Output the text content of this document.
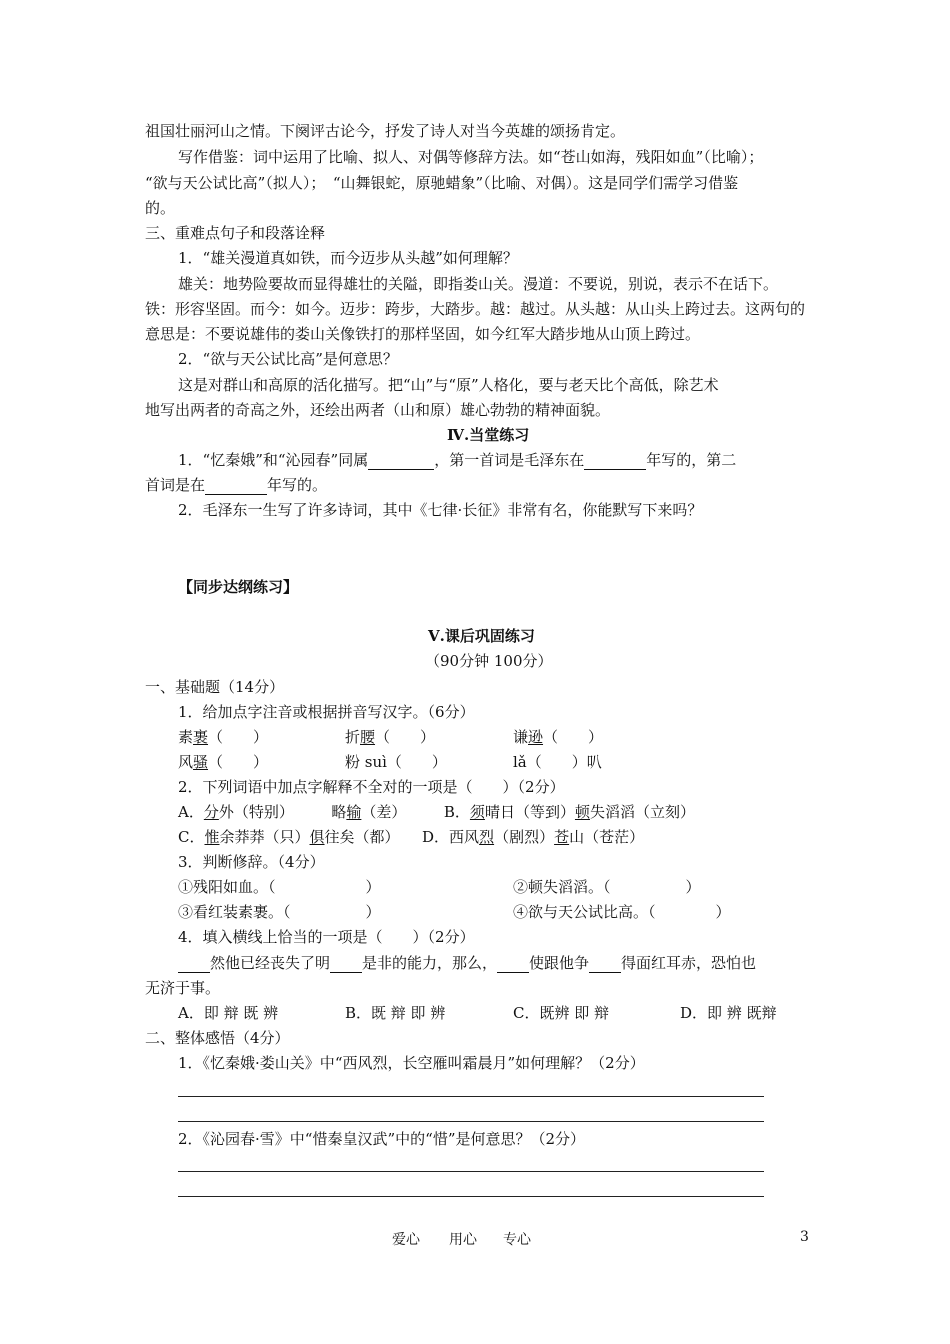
祖国壮丽河山之情。下阕评古论今，抒发了诗人对当今英雄的颂扬肯定。
写作借鉴：词中运用了比喻、拟人、对偶等修辞方法。如“苍山如海，残阳如血”（比喻）；
“欲与天公试比高”（拟人）；　“山舞银蛇，原驰蜡象”（比喻、对偶）。这是同学们需学习借鉴
的。
三、重难点句子和段落诠释
1．“雄关漫道真如铁，而今迈步从头越”如何理解？
雄关：地势险要故而显得雄壮的关隘，即指娄山关。漫道：不要说，别说，表示不在话下。
铁：形容坚固。而今：如今。迈步：跨步，大踏步。越：越过。从头越：从山头上跨过去。这两句的
意思是：不要说雄伟的娄山关像铁打的那样坚固，如今红军大踏步地从山顶上跨过。
2．“欲与天公试比高”是何意思？
这是对群山和高原的活化描写。把“山”与“原”人格化，要与老天比个高低，除艺术
地写出两者的奇高之外，还绘出两者（山和原）雄心勃勃的精神面貌。
Ⅳ.当堂练习
1．“忆秦娥”和“沁园春”同属	，第一首词是毛泽东在	年写的，第二
首词是在	年写的。
2．毛泽东一生写了许多诗词，其中《七律·长征》非常有名，你能默写下来吗？
【同步达纲练习】
Ⅴ.课后巩固练习
（90分钟 100分）
一、基础题（14分）
1．给加点字注音或根据拼音写汉字。（6分）
素裹（　　）	折腰（　　）	谦逊（　　）
风骚（　　）	粉 suì（　　）	lǎ（　　）叭
2．下列词语中加点字解释不全对的一项是（　　）（2分）
A．分外（特别）　　　略输（差）　　　B．须晴日（等到）顿失滔滔（立刻）
C．惟余莽莽（只）俱往矣（都）　　D．西风烈（剧烈）苍山（苍茫）
3．判断修辞。（4分）
①残阳如血。（　　　　　　）	②顿失滔滔。（　　　　　）
③看红装素裹。（　　　　　）	④欲与天公试比高。（　　　　）
4．填入横线上恰当的一项是（　　）（2分）
然他已经丧失了明 是非的能力，那么， 使跟他争 得面红耳赤，恐怕也
无济于事。
A．即 辩 既 辨	B．既 辩 即 辨	C．既辨 即 辩	D．即 辨 既辩
二、整体感悟（4分）
1．《忆秦娥·娄山关》中“西风烈，长空雁叫霜晨月”如何理解？（2分）
2．《沁园春·雪》中“惜秦皇汉武”中的“惜”是何意思？（2分）
爱心 用心 专心	3
